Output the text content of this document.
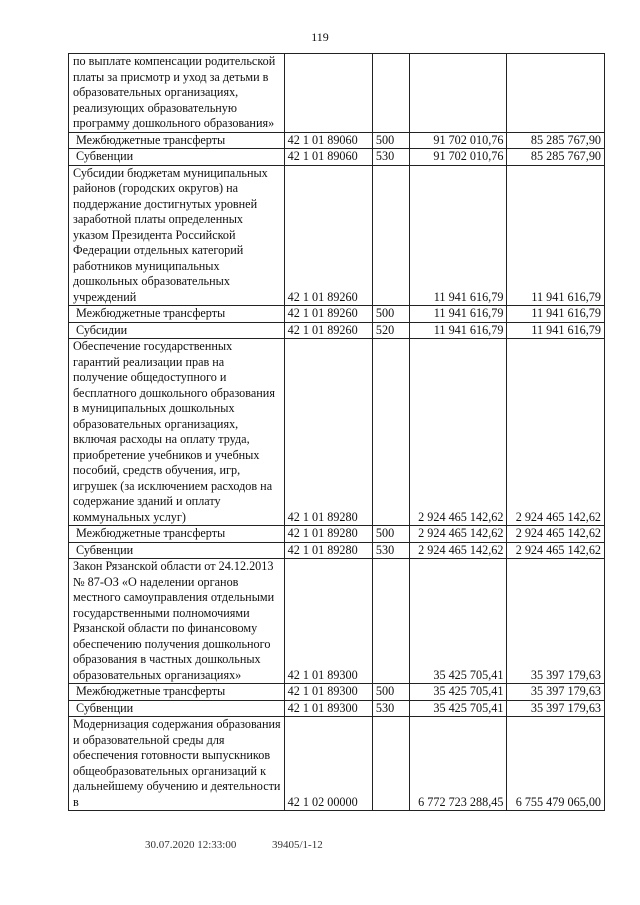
119
по выплате компенсации родительской платы за присмотр и уход за детьми в образовательных организациях, реализующих образовательную программу дошкольного образования»				

Межбюджетные трансферты	42 1 01 89060	500	91 702 010,76	85 285 767,90

Субвенции	42 1 01 89060	530	91 702 010,76	85 285 767,90

Субсидии бюджетам муниципальных районов (городских округов) на поддержание достигнутых уровней заработной платы определенных указом Президента Российской Федерации отдельных категорий работников муниципальных дошкольных образовательных учреждений	42 1 01 89260		11 941 616,79	11 941 616,79

Межбюджетные трансферты	42 1 01 89260	500	11 941 616,79	11 941 616,79

Субсидии	42 1 01 89260	520	11 941 616,79	11 941 616,79

Обеспечение государственных гарантий реализации прав на получение общедоступного и бесплатного дошкольного образования в муниципальных дошкольных образовательных организациях, включая расходы на оплату труда, приобретение учебников и учебных пособий, средств обучения, игр, игрушек (за исключением расходов на содержание зданий и оплату коммунальных услуг)	42 1 01 89280		2 924 465 142,62	2 924 465 142,62

Межбюджетные трансферты	42 1 01 89280	500	2 924 465 142,62	2 924 465 142,62

Субвенции	42 1 01 89280	530	2 924 465 142,62	2 924 465 142,62

Закон Рязанской области от 24.12.2013 № 87-ОЗ «О наделении органов местного самоуправления отдельными государственными полномочиями Рязанской области по финансовому обеспечению получения дошкольного образования в частных дошкольных образовательных организациях»	42 1 01 89300		35 425 705,41	35 397 179,63

Межбюджетные трансферты	42 1 01 89300	500	35 425 705,41	35 397 179,63

Субвенции	42 1 01 89300	530	35 425 705,41	35 397 179,63

Модернизация содержания образования и образовательной среды для обеспечения готовности выпускников общеобразовательных организаций к дальнейшему обучению и деятельности в	42 1 02 00000		6 772 723 288,45	6 755 479 065,00
30.07.2020 12:33:00	39405/1-12
